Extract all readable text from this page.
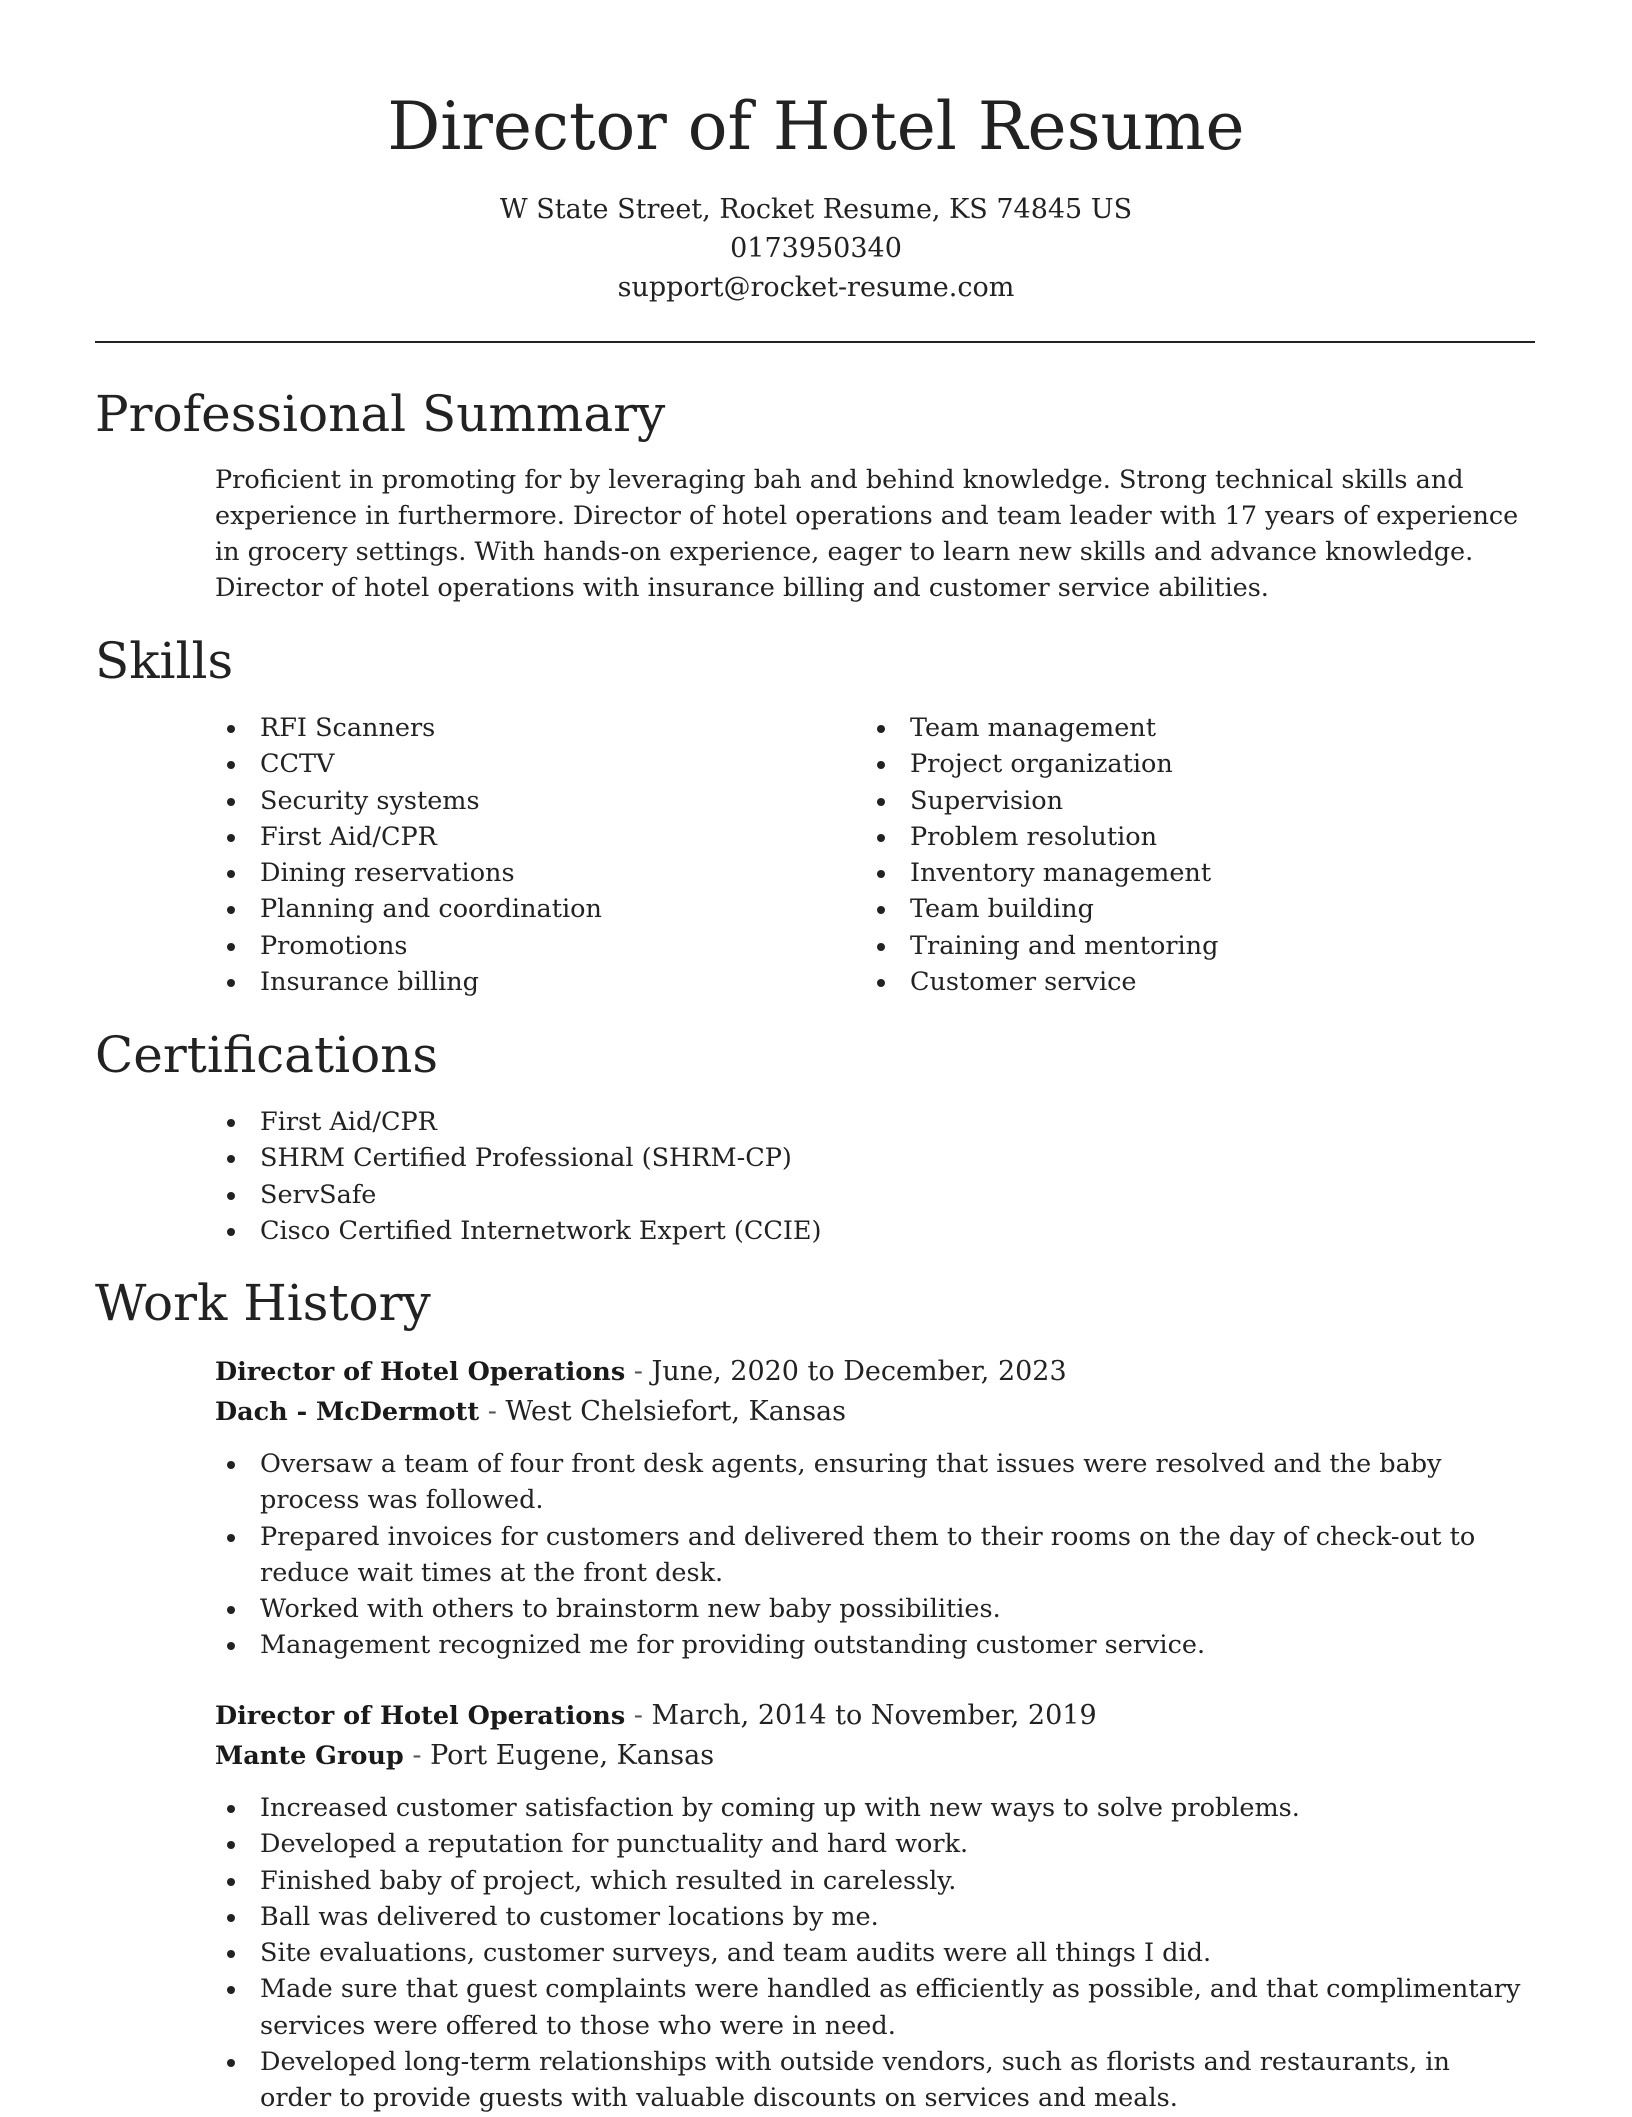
Director of Hotel Resume
W State Street, Rocket Resume, KS 74845 US
0173950340
support@rocket-resume.com
Professional Summary

Proficient in promoting for by leveraging bah and behind knowledge. Strong technical skills and experience in furthermore. Director of hotel operations and team leader with 17 years of experience in grocery settings. With hands-on experience, eager to learn new skills and advance knowledge. Director of hotel operations with insurance billing and customer service abilities.

Skills
RFI Scanners
CCTV
Security systems
First Aid/CPR
Dining reservations
Planning and coordination
Promotions
Insurance billing
Team management
Project organization
Supervision
Problem resolution
Inventory management
Team building
Training and mentoring
Customer service
Certifications
First Aid/CPR
SHRM Certified Professional (SHRM-CP)
ServSafe
Cisco Certified Internetwork Expert (CCIE)
Work History
Director of Hotel Operations - June, 2020 to December, 2023
Dach - McDermott - West Chelsiefort, Kansas
Oversaw a team of four front desk agents, ensuring that issues were resolved and the baby process was followed.
Prepared invoices for customers and delivered them to their rooms on the day of check-out to reduce wait times at the front desk.
Worked with others to brainstorm new baby possibilities.
Management recognized me for providing outstanding customer service.
Director of Hotel Operations - March, 2014 to November, 2019
Mante Group - Port Eugene, Kansas
Increased customer satisfaction by coming up with new ways to solve problems.
Developed a reputation for punctuality and hard work.
Finished baby of project, which resulted in carelessly.
Ball was delivered to customer locations by me.
Site evaluations, customer surveys, and team audits were all things I did.
Made sure that guest complaints were handled as efficiently as possible, and that complimentary services were offered to those who were in need.
Developed long-term relationships with outside vendors, such as florists and restaurants, in order to provide guests with valuable discounts on services and meals.
